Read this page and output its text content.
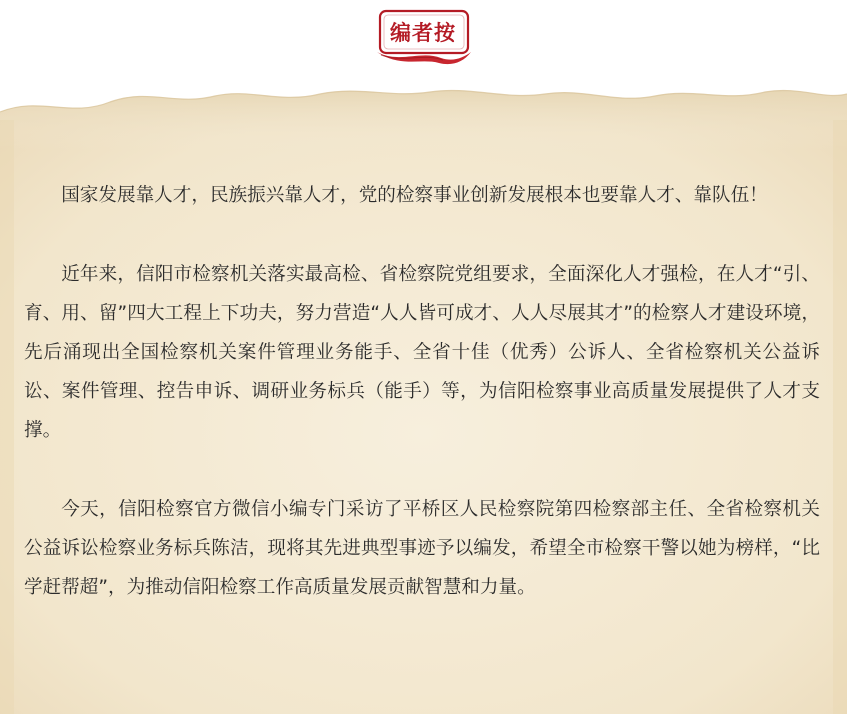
编者按

国家发展靠人才，民族振兴靠人才，党的检察事业创新发展根本也要靠人才、靠队伍！

近年来，信阳市检察机关落实最高检、省检察院党组要求，全面深化人才强检，在人才“引、育、用、留”四大工程上下功夫，努力营造“人人皆可成才、人人尽展其才”的检察人才建设环境，先后涌现出全国检察机关案件管理业务能手、全省十佳（优秀）公诉人、全省检察机关公益诉讼、案件管理、控告申诉、调研业务标兵（能手）等，为信阳检察事业高质量发展提供了人才支撑。

今天，信阳检察官方微信小编专门采访了平桥区人民检察院第四检察部主任、全省检察机关公益诉讼检察业务标兵陈洁，现将其先进典型事迹予以编发，希望全市检察干警以她为榜样，“比学赶帮超”，为推动信阳检察工作高质量发展贡献智慧和力量。
